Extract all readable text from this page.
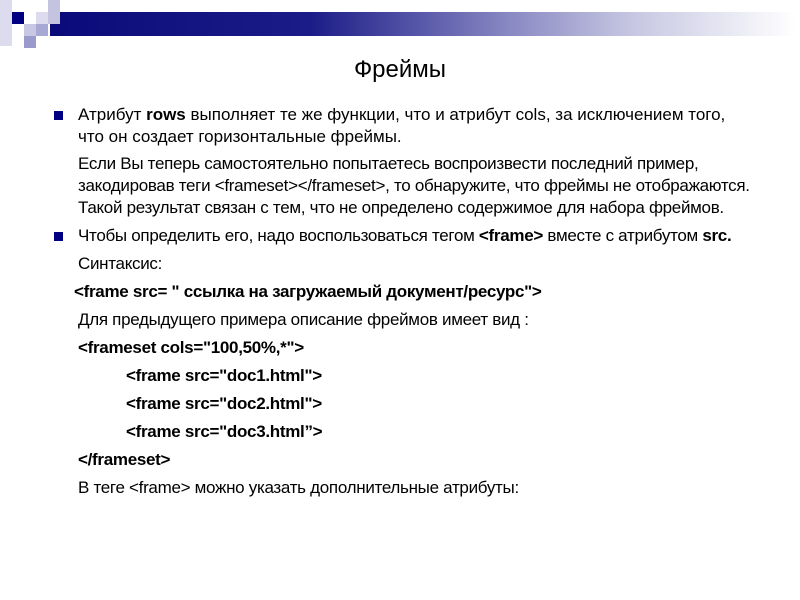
Фреймы
Атрибут rows выполняет те же функции, что и атрибут cols, за исключением того, что он создает горизонтальные фреймы.
Если Вы теперь самостоятельно попытаетесь воспроизвести последний пример, закодировав теги <frameset></frameset>, то обнаружите, что фреймы не отображаются. Такой результат связан с тем, что не определено содержимое для набора фреймов.
Чтобы определить его, надо воспользоваться тегом <frame> вместе с атрибутом src.
Синтаксис:
<frame src= " ссылка на загружаемый документ/ресурс">
Для предыдущего примера описание фреймов имеет вид :
<frameset cols="100,50%,*">
<frame src="doc1.html">
<frame src="doc2.html">
<frame src="doc3.html”>
</frameset>
В теге <frame> можно указать дополнительные атрибуты:
